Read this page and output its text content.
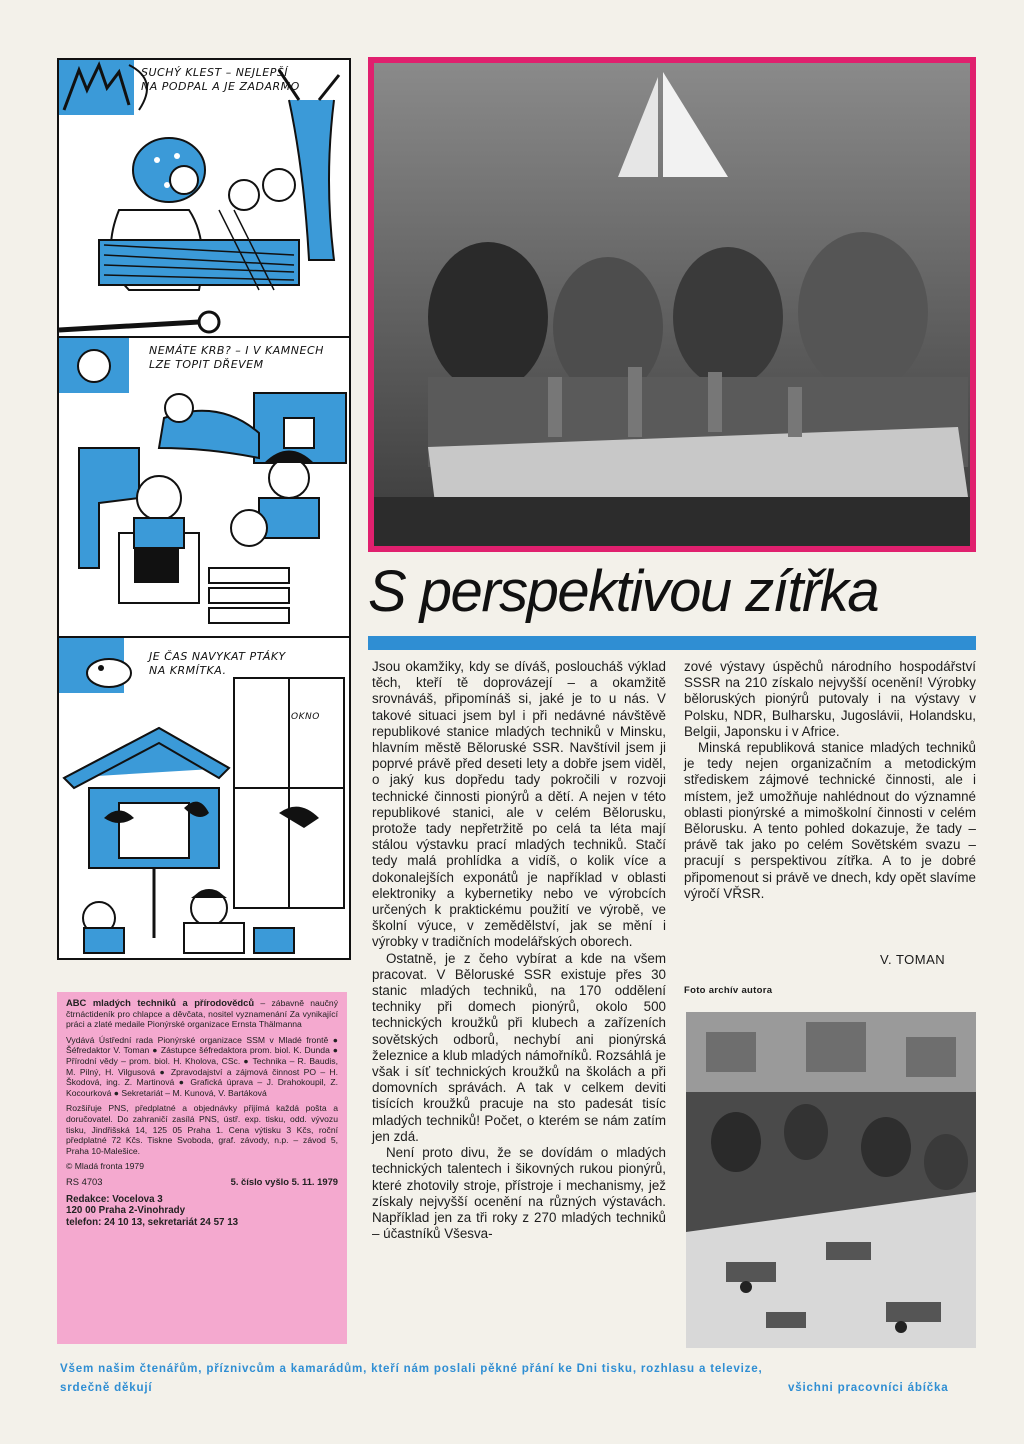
SUCHÝ KLEST – NEJLEPŠÍ
NA PODPAL A JE ZADARMO
NEMÁTE KRB? – I V KAMNECH
LZE TOPIT DŘEVEM
JE ČAS NAVYKAT PTÁKY
NA KRMÍTKA.
OKNO
S perspektivou zítřka

Jsou okamžiky, kdy se díváš, posloucháš výklad těch, kteří tě doprovázejí – a okamžitě srovnáváš, připomínáš si, jaké je to u nás. V takové situaci jsem byl i při nedávné návštěvě republikové stanice mladých techniků v Minsku, hlavním městě Běloruské SSR. Navštívil jsem ji poprvé právě před deseti lety a dobře jsem viděl, o jaký kus dopředu tady pokročili v rozvoji technické činnosti pionýrů a dětí. A nejen v této republikové stanici, ale v celém Bělorusku, protože tady nepřetržitě po celá ta léta mají stálou výstavku prací mladých techniků. Stačí tedy malá prohlídka a vidíš, o kolik více a dokonalejších exponátů je například v oblasti elektroniky a kybernetiky nebo ve výrobcích určených k praktickému použití ve výrobě, ve školní výuce, v zemědělství, jak se mění i výrobky v tradičních modelářských oborech.

Ostatně, je z čeho vybírat a kde na všem pracovat. V Běloruské SSR existuje přes 30 stanic mladých techniků, na 170 oddělení techniky při domech pionýrů, okolo 500 technických kroužků při klubech a zařízeních sovětských odborů, nechybí ani pionýrská železnice a klub mladých námořníků. Rozsáhlá je však i síť technických kroužků na školách a při domovních správách. A tak v celkem deviti tisících kroužků pracuje na sto padesát tisíc mladých techniků! Počet, o kterém se nám zatím jen zdá.

Není proto divu, že se dovídám o mladých technických talentech i šikovných rukou pionýrů, které zhotovily stroje, přístroje i mechanismy, jež získaly nejvyšší ocenění na různých výstavách. Například jen za tři roky z 270 mladých techniků – účastníků Všesva-

zové výstavy úspěchů národního hospodářství SSSR na 210 získalo nejvyšší ocenění! Výrobky běloruských pionýrů putovaly i na výstavy v Polsku, NDR, Bulharsku, Jugoslávii, Holandsku, Belgii, Japonsku i v Africe.

Minská republiková stanice mladých techniků je tedy nejen organizačním a metodickým střediskem zájmové technické činnosti, ale i místem, jež umožňuje nahlédnout do významné oblasti pionýrské a mimoškolní činnosti v celém Bělorusku. A tento pohled dokazuje, že tady – právě tak jako po celém Sovětském svazu – pracují s perspektivou zítřka. A to je dobré připomenout si právě ve dnech, kdy opět slavíme výročí VŘSR.

V. TOMAN
Foto archív autora

ABC mladých techniků a přírodovědců – zábavně naučný čtrnáctideník pro chlapce a děvčata, nositel vyznamenání Za vynikající práci a zlaté medaile Pionýrské organizace Ernsta Thälmanna

Vydává Ústřední rada Pionýrské organizace SSM v Mladé frontě ● Šéfredaktor V. Toman ● Zástupce šéfredaktora prom. biol. K. Dunda ● Přírodní vědy – prom. biol. H. Kholova, CSc. ● Technika – R. Baudis, M. Pilný, H. Vilgusová ● Zpravodajství a zájmová činnost PO – H. Škodová, ing. Z. Martinová ● Grafická úprava – J. Drahokoupil, Z. Kocourková ● Sekretariát – M. Kunová, V. Bartáková

Rozšiřuje PNS, předplatné a objednávky přijímá každá pošta a doručovatel. Do zahraničí zasílá PNS, ústř. exp. tisku, odd. vývozu tisku, Jindřišská 14, 125 05 Praha 1. Cena výtisku 3 Kčs, roční předplatné 72 Kčs. Tiskne Svoboda, graf. závody, n.p. – závod 5, Praha 10-Malešice.

© Mladá fronta 1979

RS 4703	5. číslo vyšlo 5. 11. 1979
Redakce: Vocelova 3
120 00 Praha 2-Vinohrady
telefon: 24 10 13, sekretariát 24 57 13
Všem našim čtenářům, příznivcům a kamarádům, kteří nám poslali pěkné přání ke Dni tisku, rozhlasu a televize,
srdečně děkují	všichni pracovníci ábíčka
